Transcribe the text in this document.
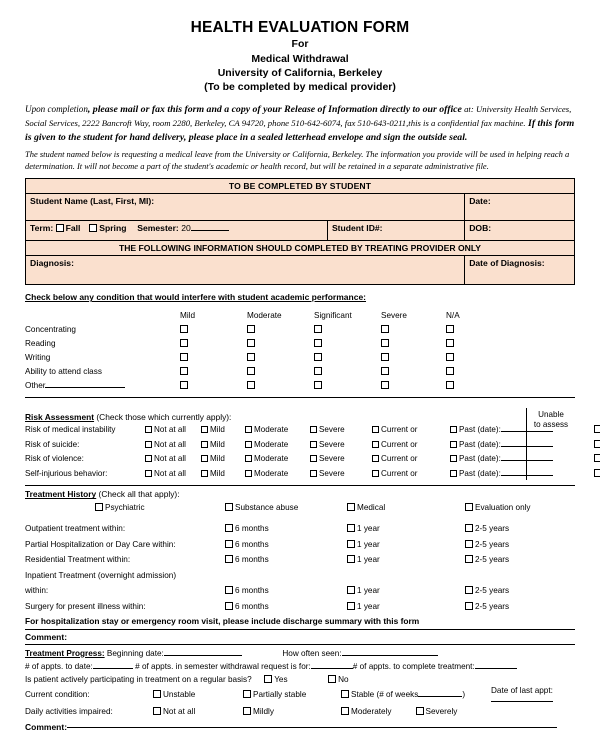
HEALTH EVALUATION FORM
For
Medical Withdrawal
University of California, Berkeley
(To be completed by medical provider)

Upon completion, please mail or fax this form and a copy of your Release of Information directly to our office at: University Health Services, Social Services, 2222 Bancroft Way, room 2280, Berkeley, CA 94720, phone 510-642-6074, fax 510-643-0211,this is a confidential fax machine. If this form is given to the student for hand delivery, please place in a sealed letterhead envelope and sign the outside seal.

The student named below is requesting a medical leave from the University or California, Berkeley. The information you provide will be used in helping reach a determination. It will not become a part of the student's academic or health record, but will be retained in a separate administrative file.

TO BE COMPLETED BY STUDENT		
Student Name (Last, First, MI):		Date:
Term: Fall Spring Semester: 20	Student ID#:	DOB:
THE FOLLOWING INFORMATION SHOULD COMPLETED BY TREATING PROVIDER ONLY		
Diagnosis:		Date of Diagnosis:
Check below any condition that would interfere with student academic performance:
	Mild	Moderate	Significant	Severe	N/A	
Concentrating						
Reading						
Writing						
Ability to attend class						
Other						
Unable
to assess
Risk Assessment (Check those which currently apply):
Risk of medical instability	Not at all	Mild	Moderate	Severe	Current or	Past (date):	
Risk of suicide:	Not at all	Mild	Moderate	Severe	Current or	Past (date):	
Risk of violence:	Not at all	Mild	Moderate	Severe	Current or	Past (date):	
Self-injurious behavior:	Not at all	Mild	Moderate	Severe	Current or	Past (date):	
Treatment History (Check all that apply):
	Psychiatric	Substance abuse	Medical	Evaluation only
Outpatient treatment within:	6 months	1 year	2-5 years
Partial Hospitalization or Day Care within:	6 months	1 year	2-5 years
Residential Treatment within:	6 months	1 year	2-5 years
Inpatient Treatment (overnight admission)			
within:	6 months	1 year	2-5 years
Surgery for present illness within:	6 months	1 year	2-5 years
For hospitalization stay or emergency room visit, please include discharge summary with this form
Comment:
Treatment Progress: Beginning date:	How often seen:
# of appts. to date:	# of appts. in semester withdrawal request is for:	# of appts. to complete treatment:
Is patient actively participating in treatment on a regular basis?	Yes	No
Current condition:	Unstable	Partially stable	Stable (# of weeks )	Date of last appt:
Daily activities impaired:	Not at all	Mildly	Moderately Severely	
Comment:
